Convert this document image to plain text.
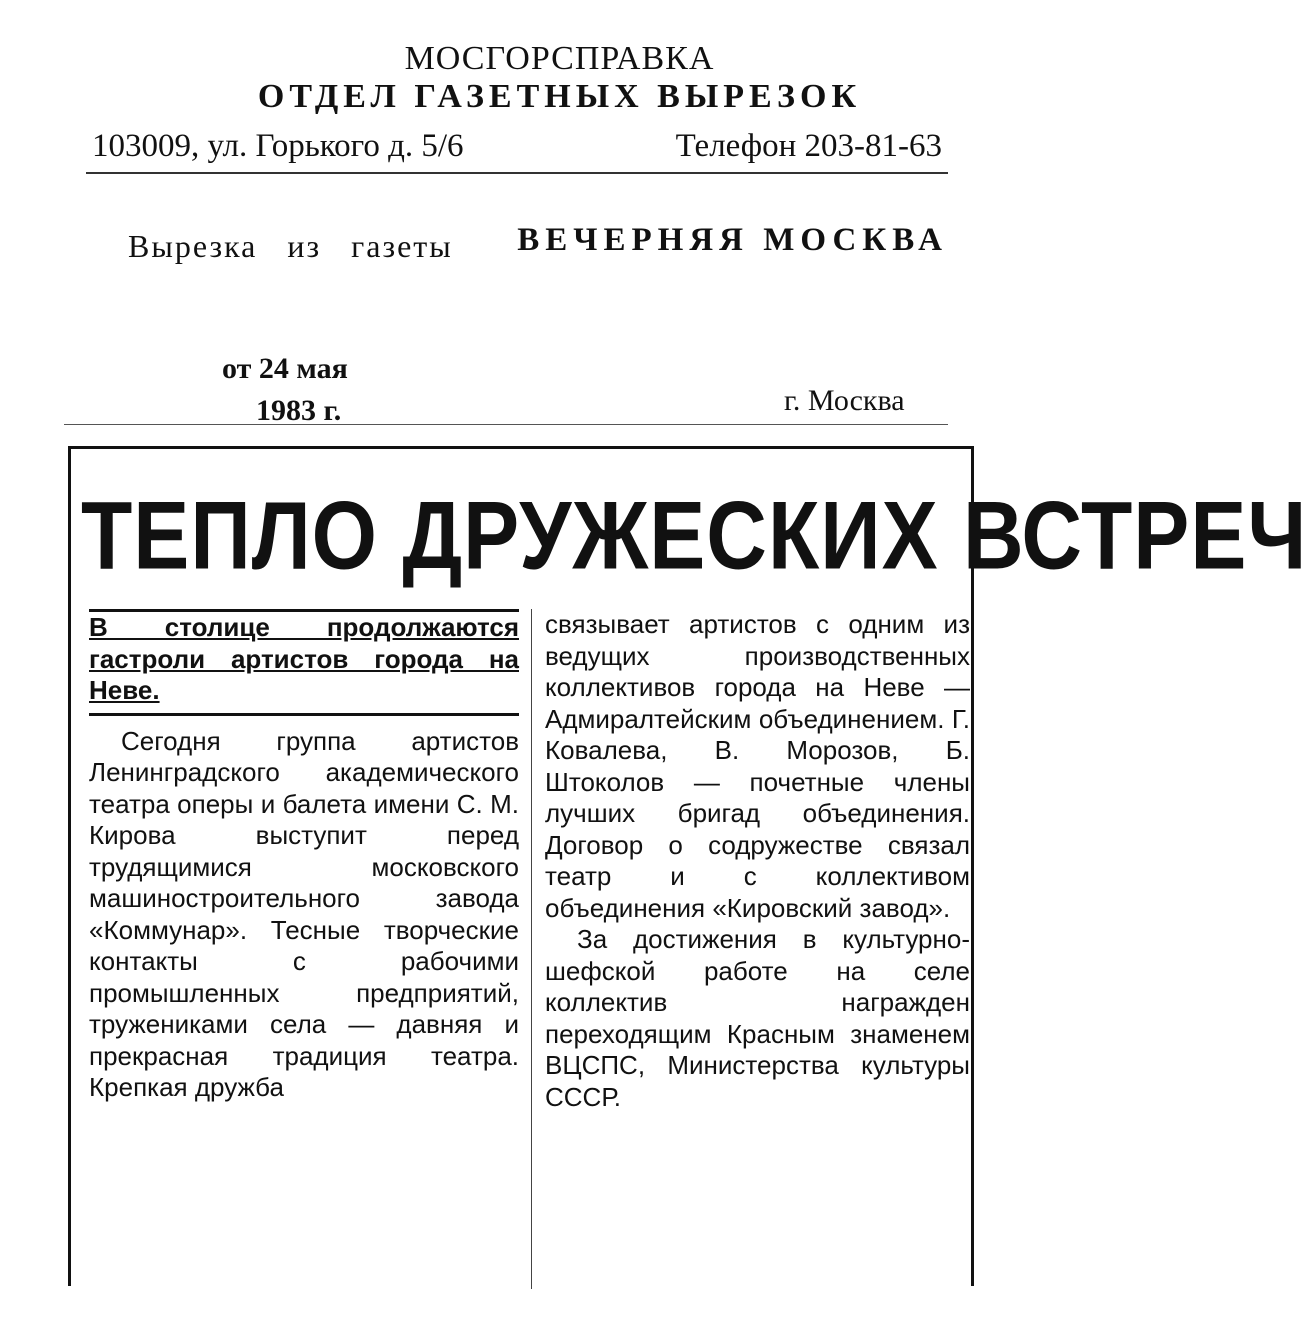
МОСГОРСПРАВКА
ОТДЕЛ ГАЗЕТНЫХ ВЫРЕЗОК
103009, ул. Горького д. 5/6	Телефон 203-81-63
Вырезка из газеты ВЕЧЕРНЯЯ МОСКВА
от 24 мая
1983 г.	г. Москва
ТЕПЛО ДРУЖЕСКИХ ВСТРЕЧ
В столице продолжаются гастроли артистов города на Неве.

Сегодня группа артистов Ленинградского академического театра оперы и балета имени С. М. Кирова выступит перед трудящимися московского машиностроительного завода «Коммунар». Тесные творческие контакты с рабочими промышленных предприятий, тружениками села — давняя и прекрасная традиция театра. Крепкая дружба

связывает артистов с одним из ведущих производственных коллективов города на Неве — Адмиралтейским объединением. Г. Ковалева, В. Морозов, Б. Штоколов — почетные члены лучших бригад объединения. Договор о содружестве связал театр и с коллективом объединения «Кировский завод».

За достижения в культурно-шефской работе на селе коллектив награжден переходящим Красным знаменем ВЦСПС, Министерства культуры СССР.
